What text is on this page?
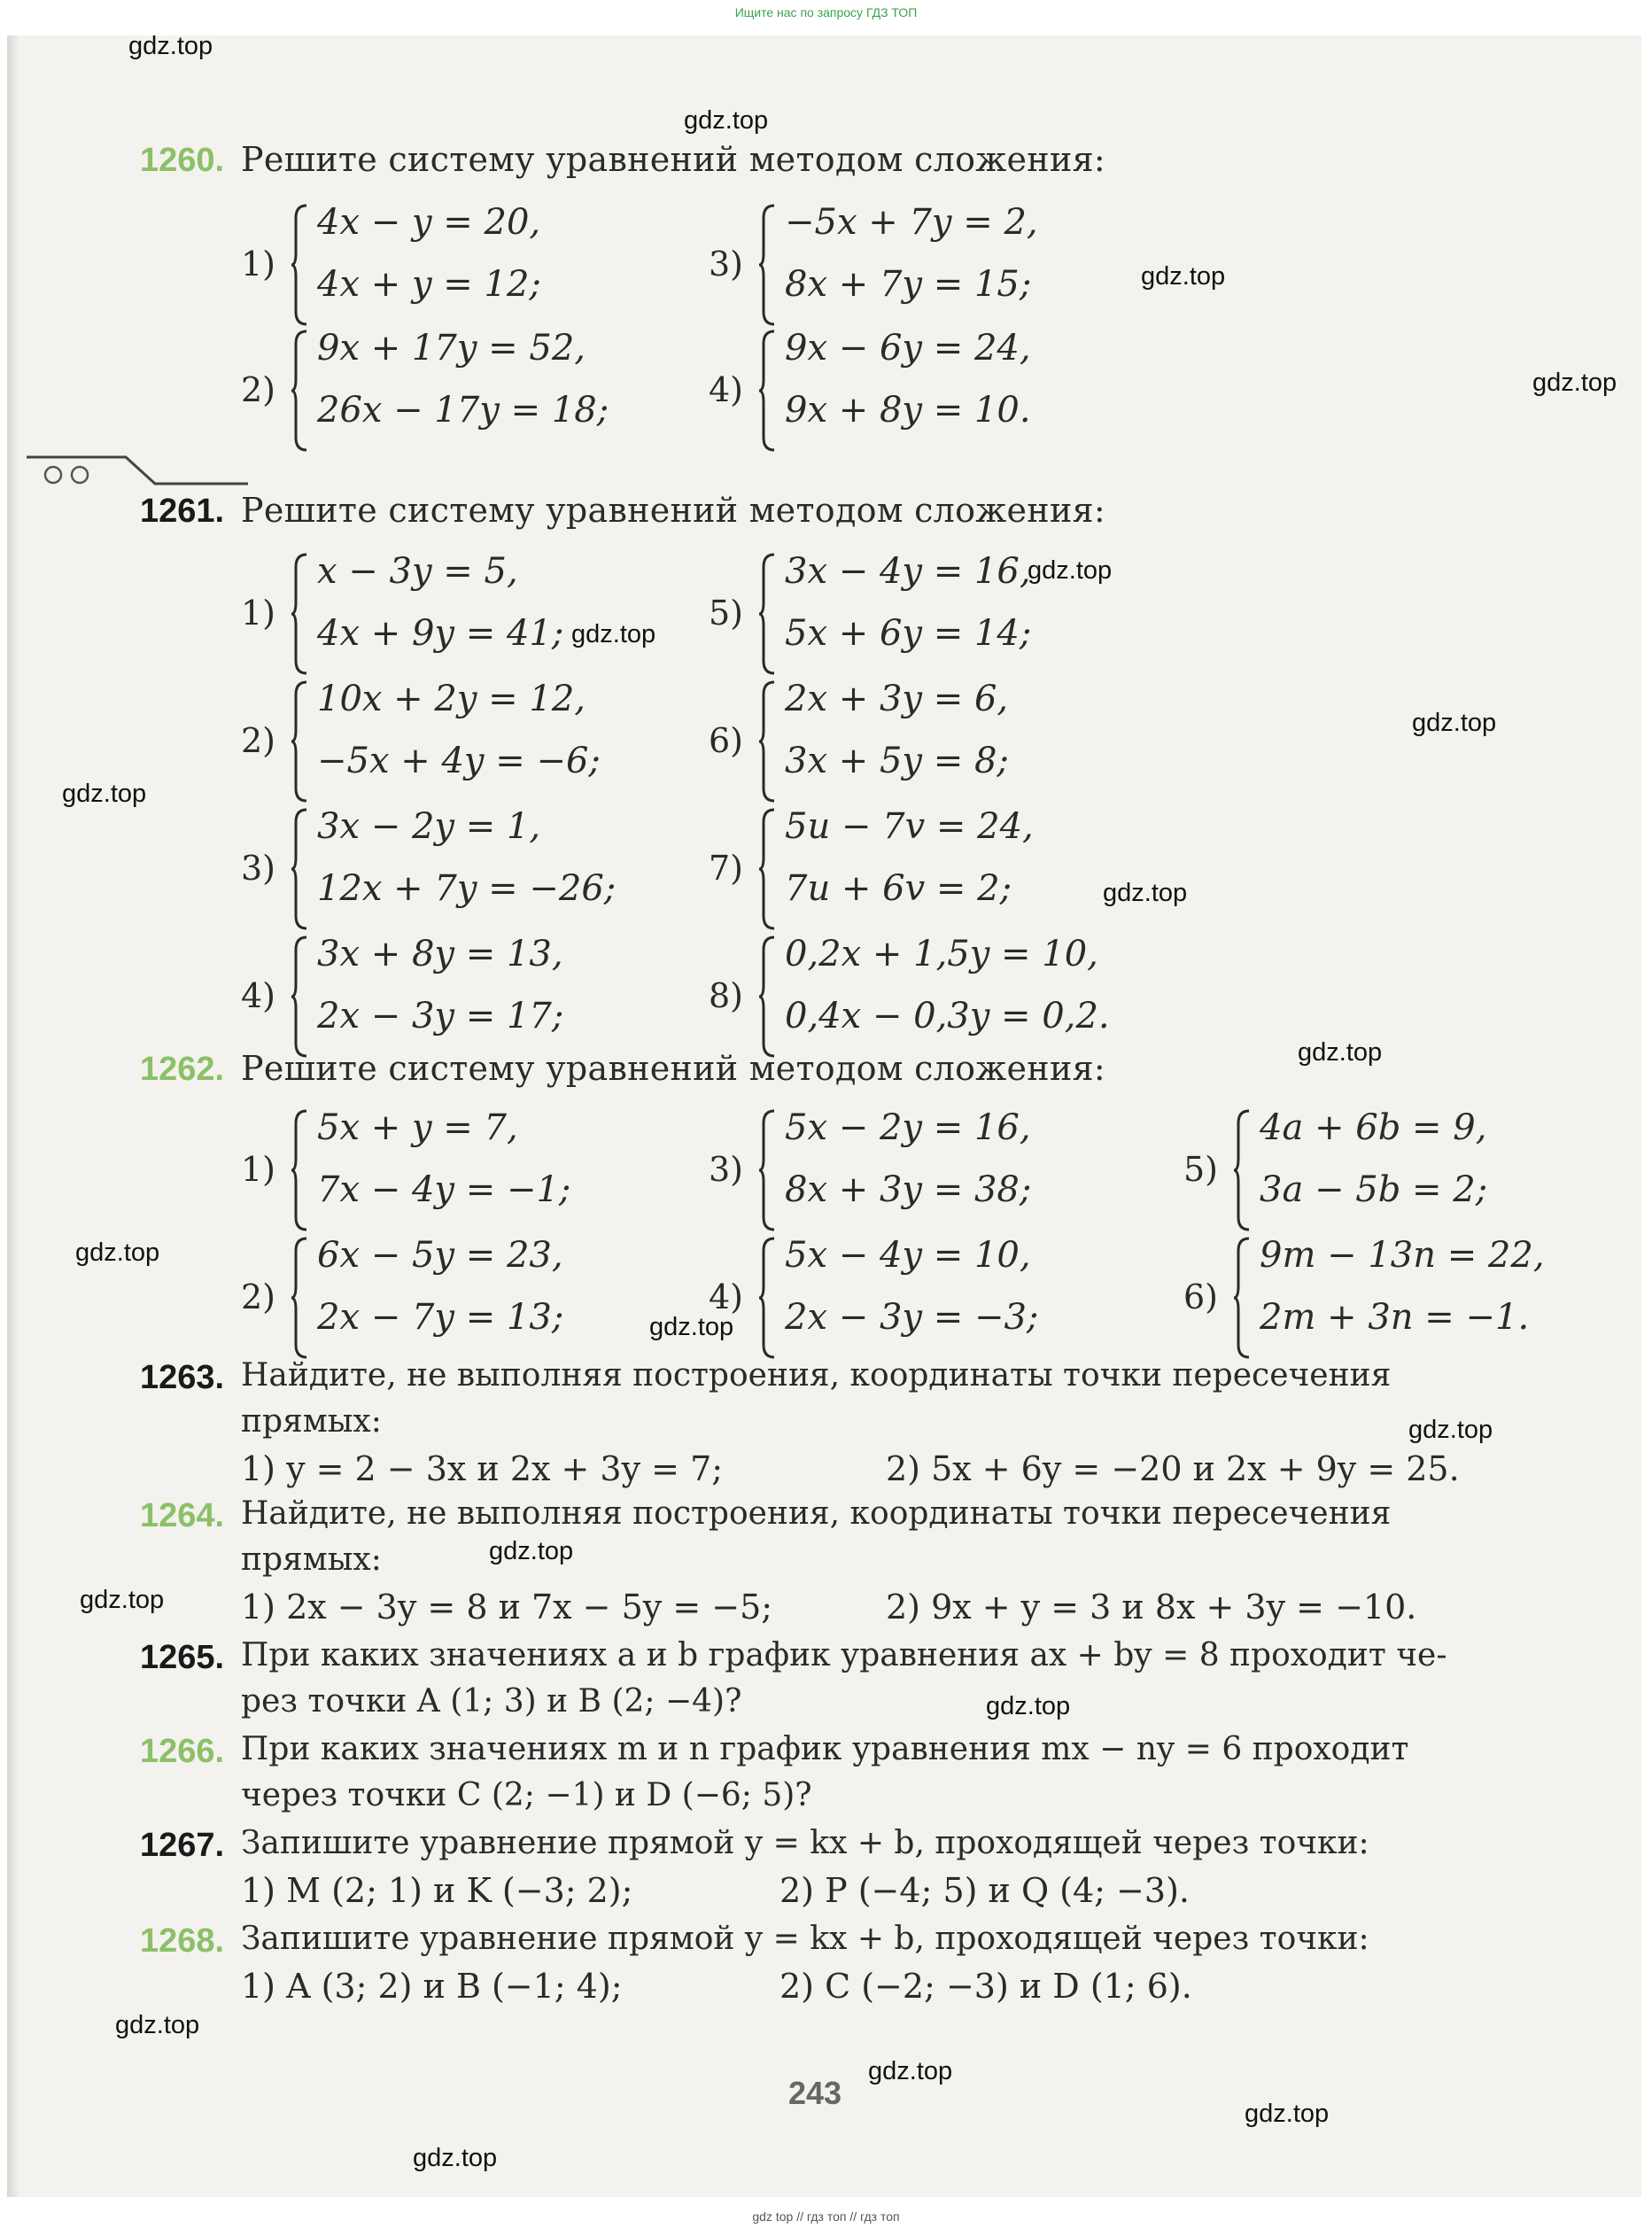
Ищите нас по запросу ГДЗ ТОП
gdz.top
gdz.top
gdz.top
gdz.top
gdz.top
gdz.top
gdz.top
gdz.top
gdz.top
gdz.top
gdz.top
gdz.top
gdz.top
gdz.top
gdz.top
gdz.top
gdz.top
gdz.top
gdz.top
gdz.top
1260. Решите систему уравнений методом сложения:
1)
4x − y = 20,
4x + y = 12;
2)
9x + 17y = 52,
26x − 17y = 18;
3)
−5x + 7y = 2,
8x + 7y = 15;
4)
9x − 6y = 24,
9x + 8y = 10.
1261. Решите систему уравнений методом сложения:
1)
x − 3y = 5,
4x + 9y = 41;
2)
10x + 2y = 12,
−5x + 4y = −6;
3)
3x − 2y = 1,
12x + 7y = −26;
4)
3x + 8y = 13,
2x − 3y = 17;
5)
3x − 4y = 16,
5x + 6y = 14;
6)
2x + 3y = 6,
3x + 5y = 8;
7)
5u − 7v = 24,
7u + 6v = 2;
8)
0,2x + 1,5y = 10,
0,4x − 0,3y = 0,2.
1262. Решите систему уравнений методом сложения:
1)
5x + y = 7,
7x − 4y = −1;
2)
6x − 5y = 23,
2x − 7y = 13;
3)
5x − 2y = 16,
8x + 3y = 38;
4)
5x − 4y = 10,
2x − 3y = −3;
5)
4a + 6b = 9,
3a − 5b = 2;
6)
9m − 13n = 22,
2m + 3n = −1.
1263. Найдите, не выполняя построения, координаты точки пересечения
прямых:
1) y = 2 − 3x и 2x + 3y = 7;	2) 5x + 6y = −20 и 2x + 9y = 25.
1264. Найдите, не выполняя построения, координаты точки пересечения
прямых:
1) 2x − 3y = 8 и 7x − 5y = −5;	2) 9x + y = 3 и 8x + 3y = −10.
1265. При каких значениях a и b график уравнения ax + by = 8 проходит че-
рез точки A (1; 3) и B (2; −4)?
1266. При каких значениях m и n график уравнения mx − ny = 6 проходит
через точки C (2; −1) и D (−6; 5)?
1267. Запишите уравнение прямой y = kx + b, проходящей через точки:
1) M (2; 1) и K (−3; 2);	2) P (−4; 5) и Q (4; −3).
1268. Запишите уравнение прямой y = kx + b, проходящей через точки:
1) A (3; 2) и B (−1; 4);	2) C (−2; −3) и D (1; 6).
243
gdz top // гдз топ // гдз топ
